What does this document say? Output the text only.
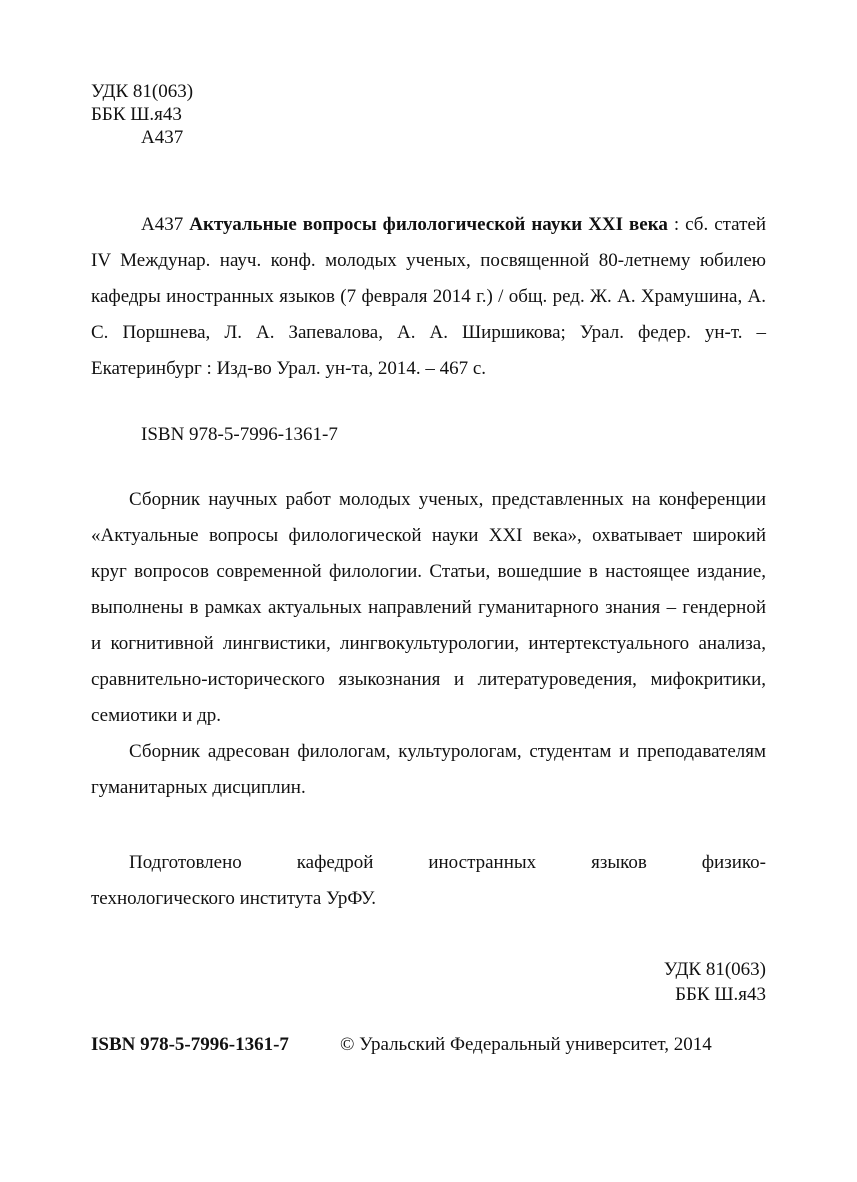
УДК 81(063)
ББК Ш.я43
А437
А437 Актуальные вопросы филологической науки XXI века : сб. статей IV Междунар. науч. конф. молодых ученых, посвященной 80-летнему юбилею кафедры иностранных языков (7 февраля 2014 г.) / общ. ред. Ж. А. Храмушина, А. С. Поршнева, Л. А. Запевалова, А. А. Ширшикова; Урал. федер. ун-т. – Екатеринбург : Изд-во Урал. ун-та, 2014. – 467 с.
ISBN 978-5-7996-1361-7

Сборник научных работ молодых ученых, представленных на конференции «Актуальные вопросы филологической науки XXI века», охватывает широкий круг вопросов современной филологии. Статьи, вошедшие в настоящее издание, выполнены в рамках актуальных направлений гуманитарного знания – гендерной и когнитивной лингвистики, лингвокультурологии, интертекстуального анализа, сравнительно-исторического языкознания и литературоведения, мифокритики, семиотики и др.

Сборник адресован филологам, культурологам, студентам и преподавателям гуманитарных дисциплин.

Подготовлено	кафедрой	иностранных	языков	физико-
технологического института УрФУ.
УДК 81(063)
ББК Ш.я43
ISBN 978-5-7996-1361-7	© Уральский Федеральный университет, 2014
